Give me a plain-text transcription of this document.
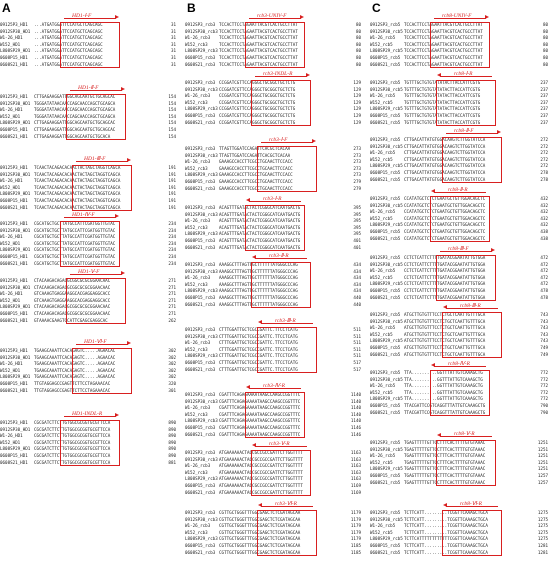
A
HD1-Ⅰ-F
09125P3_HD1 ...ATGATGGATTCCATGCTCAGCAGC	31
0912SP30_HD1 ...ATGATGGATTCCATGCTCAGCAGC	31
W1-26_HD1	...ATGATGGATTCCATGCTCAGCAGC	31
W152_HD1	...ATGATGGATTCCATGCTCAGCAGC	31
L808SP29_HD1 ...ATGATGGATTCCATGCTCAGCAGC	31
0608P15_HD1 ...ATGATGGATTCCATGCTCAGCAGC	31
0608S21_HD1 ...ATGATGGATTCCATGCTCAGCAGC	31
HD1-Ⅱ-F
09125P3_HD1 CTTGAGAAGGATTGGCAGCAATGCTGCAGCAC	154
0912SP30_HD1 TGGGATATAACAACCAGCAACCAGCTGCAGCA	154
W1-26_HD1	TGGGATATAACAACCAGCAACCAGCTGCAGCA	154
W152_HD1	TGGGATATAACAACCAGCAACCAGCTGCAGCA	154
L808SP29_HD1 CTTGAGAAGGATTGGCAGCAATGCTGCAGCAC	154
0608P15_HD1 CTTGAGAAGGATTGGCAGCAATGCTGCAGCAC	154
0608S21_HD1 CTTGAGAAGGATTGGCAGCAATGCTGCACA	154
HD1-Ⅲ-F
09125P3_HD1 TCAACTACAGACACAACTACTAGCTAGGTCAGCA	191
0912SP30_HD1 TCAACTACAGACACAACTACTAGCTAGGTCAGCA	191
W1-26_HD1	TCAACTACAGACACAACTACTAGCTAGGTCAGCA	191
W152_HD1	TCAACTACAGACACAACTACTAGCTAGGTCAGCA	191
L808SP29_HD1 TCAACTACAGACACAACTACTAGCTAGGTCAGCA	191
0608P15_HD1 TCAACTACAGACACAACTACTAGCTAGGTCAGCA	191
0608S21_HD1 TCAACTACAGACACAACTACTAGCTAGGTCAGCA	191
HD1-Ⅳ-F
09125P3_HD1 CGCATGCTGCTTATGCCATTCGATGGTTGTAC	234
0912SP30_HD1 CGCATGCTGCTTATGCCATTCGATGGTTGTAC	234
W1-26_HD1	CGCATGCTGCTTATGCCATTCGATGGTTGTAC	234
W152_HD1	CGCATGCTGCTTATGCCATTCGATGGTTGTAC	234
L808SP29_HD1 CGCATGCTGCTTATGCCATTCGATGGTTGTAC	234
0608P15_HD1 CGCATGCTGCTTATGCCATTCGATGGTTGTAC	234
0608S21_HD1 CGCATGCTGCTTATGCCATTCGATGGTTGTAC	234
HD1-Ⅴ-F
09125P3_HD1 CTACAAGACAGACGCGGCGCGCGGAACAAC	271
0912SP30_HD1 CTACAAGACAGACGCGGCGCGCGGAACAAC	271
W1-26_HD1	GTCAAAGTGAGGAAGGCACGAGGAGGCACC	271
W152_HD1	GTCAAAGTGAGGAAGGCACGAGGAGGCACC	271
L808SP29_HD1 CTACAAGACAGACGCGGCGCGCGGAACAAC	271
0608P15_HD1 CTACAAGACAGACGCGGCGCGCGGAACAAC	271
0608S21_HD1 GTAAAACGAAGTGCATTCGAGCGAGGCAC	262
HD1-Ⅵ-F
09125P3_HD1 TGAAGCAAATTCACAGAGTC.....AGAACAC	302
0912SP30_HD1 TGAAGCAAATTCACAGAGTC.....AGAACAC	302
W1-26_HD1	TGAAGCAAATTCACAGAGTC.....AGAACAC	302
W152_HD1	TGAAGCAAATTCACAGAGTC.....AGAACAC	302
L808SP29_HD1 TGAAGCAAATTCACAGAGTC.....AGAACAC	302
0608P15_HD1 TTGTAGGAGCCGAGTTCTTCCTAGAAACAC	320
0608S21_HD1 TTGTAGGAGCCGAGTTCTTCCTAGAAACAC	301
HD1-INDL-R
09125P3_HD1 CGCGATCTTCTTGTGGCGCGGTGCGTTCCA	890
0912SP30_HD1 CGCGATCTTCTTGTGGCGCGGTGCGTTCCA	890
W1-26_HD1	CGCGATCTTCTTGTGGCGCGGTGCGTTCCA	890
W152_HD1	CGCGATCTTCTTGTGGCGCGGTGCGTTCCA	890
L808SP29_HD1 CGCGATCTTCTTGTGGCGCGGTGCGTTCCA	890
0608P15_HD1 CGCGATCTTCTTGTGGCGCGGTGCGTTCCA	890
0608S21_HD1 CGCGATCTTCTTGTGGCGCGGTGCGTTCCA	881
B
rcb3-UNIV-F
0912SP3_rcb3 TCCACTTCCTAGAATTACGTCACTGCCTTAT	80
0912SP30_rcb3 TCCACTTCCTAGAATTACGTCACTGCCTTAT	80
W1-26_rcb3 TCCACTTCCTAGAATTACGTCACTGCCTTAT	80
W152_rcb3	TCCACTTCCTAGAATTACGTCACTGCCTTAT	80
L808SP29_rcb3 TCCACTTCCTAGAATTACGTCACTGCCTTAT	80
0608P15_rcb3 TCCACTTCCTAGAATTACGTCACTGCCTTAT	80
0608S21_rcb3 TCCACTTCCTAGAATTACGTCACTGCCTTAT	80
rcb3-INDL-R
0912SP3_rcb3 CCGGATCGTTCCAGGGCTGCGGCTGCTCTG	129
0912SP30_rcb3 CCGGATCGTTCCAGGGCTGCGGCTGCTCTG	129
W1-26_rcb3 CCGGATCGTTCCAGGGCTGCGGCTGCTCTG	129
W152_rcb3	CCGGATCGTTCCAGGGCTGCGGCTGCTCTG	129
L808SP29_rcb3 CCGGATCGTTCCAGGGCTGCGGCTGCTCTG	129
0608P15_rcb3 CCGGATCGTTCCAGGGCTGCGGCTGCTCTG	129
0608S21_rcb3 CCGGATCGTTCCAGGGCTGCGGCTGCTCTG	129
rcb3-Ⅰ-F
0912SP3_rcb3 TTAGTTGGATCCAGATTCACGCTCACAA	273
0912SP30_rcb3 TTAGTTGGATCCAGATTCACGCTCACAA	273
W1-26_rcb3 GAAAGCCACCTTCGCCTGCAACTTCCACC	273
W152_rcb3	GAAAGCCACCTTCGCCTGCAACTTCCACC	273
L808SP29_rcb3 GAAAGCCACCTTCGCCTGCAACTTCCACC	273
0608P15_rcb3 GAAAGCCACCTTCGCCTGCAACTTCCACC	279
0608S21_rcb3 GAAAGCCACCTTCGCCTGCAACTTCCACC	279
rcb3-Ⅰ-R
0912SP3_rcb3 ACAGTTTGATACTACTCGGGCATCAATGACTG	395
0912SP30_rcb3 ACAGTTTGATACTACTCGGGCATCAATGACTG	395
W1-26_rcb3 ACAGTTTGATACTACTCGGGCATCAATGACTG	395
W152_rcb3	ACAGTTTGATACTACTCGGGCATCAATGACTG	395
L808SP29_rcb3 ACAGTTTGATACTACTCGGGCATCAATGACTG	395
0608P15_rcb3 ACAGTTTGATACTACTCGGGCATCAATGACTG	401
0608S21_rcb3 ACAGTTTGATACTACTCGGGCATCAATGACTG	401
rcb3-Ⅱ-R
0912SP3_rcb3 AAAGGCTTTAGTTGCTTTTTTATGGGCCCAG	434
0912SP30_rcb3 AAAGGCTTTAGTTGCTTTTTTATGGGCCCAG	434
W1-26_rcb3 AAAGGCTTTAGTTGCTTTTTTATGGGCCCAG	434
W152_rcb3	AAAGGCTTTAGTTGCTTTTTTATGGGCCCAG	434
L808SP29_rcb3 AAAGGCTTTAGTTGCTTTTTTATGGGCCCAG	434
0608P15_rcb3 AAAGGCTTTAGTTGCTTTTTTATGGGCCCAG	440
0608S21_rcb3 AAAGGCTTTAGTTGCTTTTTTATGGGCCCAG	440
rcb3-Ⅲ-R
0912SP3_rcb3 CTTTGGATTGCTCGCCGATTC.TTCCTCATG	511
0912SP30_rcb3 CTTTGGATTGCTCGCCGATTC.TTCCTCATG	511
W1-26_rcb3 CTTTGGATTGCTCGCCGATTC.TTCCTCATG	511
W152_rcb3	CTTTGGATTGCTCGCCGATTC.TTCCTCATG	511
L808SP29_rcb3 CTTTGGATTGCTCGCCGATTC.TTCCTCATG	511
0608P15_rcb3 CTTTGGATTGCTCGCCGATTC.TTCCTCATG	517
0608S21_rcb3 CTTTGGATTGCTCGCCGATTC.TTCCTCATG	517
rcb3-Ⅳ-R
0912SP3_rcb3 CGATTTCAGAGAAAATAAGCCAAGCCGGTTTC	1140
0912SP30_rcb3 CGATTTCAGAGAAAATAAGCCAAGCCGGTTTC	1140
W1-26_rcb3 CGATTTCAGAGAAAATAAGCCAAGCCGGTTTC	1140
W152_rcb3	CGATTTCAGAGAAAATAAGCCAAGCCGGTTTC	1140
L808SP29_rcb3 CGATTTCAGAGAAAATAAGCCAAGCCGGTTTC	1140
0608P15_rcb3 CGATTTCAGAGAAAATAAGCCAAGCCGGTTTC	1146
0608S21_rcb3 CGATTTCAGAGAAAATAAGCCAAGCCGGTTTC	1146
rcb3-Ⅴ-R
0912SP3_rcb3 ATGAAAAAACTACCGCCGCCGATTCTTGGTTTT	1163
0912SP30_rcb3 ATGAAAAAACTACCGCCGCCGATTCTTGGTTTT	1163
W1-26_rcb3 ATGAAAAAACTACCGCCGCCGATTCTTGGTTTT	1163
W152_rcb3	ATGAAAAAACTACCGCCGCCGATTCTTGGTTTT	1163
L808SP29_rcb3 ATGAAAAAACTACCGCCGCCGATTCTTGGTTTT	1163
0608P15_rcb3 ATGAAAAAACTACCGCCGCCGATTCTTGGTTTT	1169
0608S21_rcb3 ATGAAAAAACTACCGCCGCCGATTCTTGGTTTT	1169
rcb3-Ⅵ-R
0912SP3_rcb3 CGTTGCTGGGTTTGGCGAGCTCTCGATAGCAA	1179
0912SP30_rcb3 CGTTGCTGGGTTTGGCGAGCTCTCGATAGCAA	1179
W1-26_rcb3 CGTTGCTGGGTTTGGCGAGCTCTCGATAGCAA	1179
W152_rcb3	CGTTGCTGGGTTTGGCGAGCTCTCGATAGCAA	1179
L808SP29_rcb3 CGTTGCTGGGTTTGGCGAGCTCTCGATAGCAA	1179
0608P15_rcb3 CGTTGCTGGGTTTGGCGAGCTCTCGATAGCAA	1185
0608S21_rcb3 CGTTGCTGGGTTTGGCGAGCTCTCGATAGCAA	1185
C
rcb8-UNIV-F
0912SP3_rcb5 TCCACTTCCTAGAATTACGTCACTGCCTTAT	80
0912SP30_rcb5 TCCACTTCCTAGAATTACGTCACTGCCTTAT	80
W1-26_rcb5 TCCACTTCCTAGAATTACGTCACTGCCTTAT	80
W152_rcb5	TCCACTTCCTAGAATTACGTCACTGCCTTAT	80
L808SP29_rcb5 TCCACTTCCTAGAATTACGTCACTGCCTTAT	80
0608P15_rcb5 TCCACTTCCTAGAATTACGTCACTGCCTTAT	80
0608S21_rcb5 TCCACTTCCTAGAATTACGTCACTGCCTTAT	80
rcb8-Ⅰ-R
0912SP3_rcb5 TGTTTGCTGTGTATATACTTACCATTCGTG	237
0912SP30_rcb5 TGTTTGCTGTGTATATACTTACCATTCGTG	237
W1-26_rcb5 TGTTTGCTGTGTATATACTTACCATTCGTG	237
W152_rcb5	TGTTTGCTGTGTATATACTTACCATTCGTG	237
L808SP29_rcb5 TGTTTGCTGTGTATATACTTACCATTCGTG	237
0608P15_rcb5 TGTTTGCTGTGTATATACTTACCATTCGTG	237
0608S21_rcb5 TGTTTGCTGTGTATATACTTACCATTCGTG	237
rcb8-Ⅱ-F
0912SP3_rcb5 CTTGACATTATGTGGACAAGTCTTGGTATCCA	272
0912SP30_rcb5 CTTGACATTATGTGGACAAGTCTTGGTATCCA	272
W1-26_rcb5 CTTGACATTATGTGGACAAGTCTTGGTATCCA	272
W152_rcb5	CTTGACATTATGTGGACAAGTCTTGGTATCCA	272
L808SP29_rcb5 CTTGACATTATGTGGACAAGTCTTGGTATCCA	272
0608P15_rcb5 CTTGACATTATGTGGACAAGTCTTGGTATCCA	278
0608S21_rcb5 CTTGACATTATGTGGACAAGTCTTGGTATCCA	278
rcb8-Ⅱ-R
0912SP3_rcb5 CCATATGCTCTCTGAATGCTGTTGGACAGCTC	432
0912SP30_rcb5 CCATATGCTCTCTGAATGCTGTTGGACAGCTC	432
W1-26_rcb5 CCATATGCTCTCTGAATGCTGTTGGACAGCTC	432
W152_rcb5	CCATATGCTCTCTGAATGCTGTTGGACAGCTC	432
L808SP29_rcb5 CCATATGCTCTCTGAATGCTGTTGGACAGCTC	432
0608P15_rcb5 CCATATGCTCTCTGAATGCTGTTGGACAGCTC	438
0608S21_rcb5 CCATATGCTCTCTGAATGCTGTTGGACAGCTC	438
rcb8-Ⅲ-F
0912SP3_rcb5 CCTCTCATTCTTTTGATACGGAATATTGTGGA	472
0912SP30_rcb5 CCTCTCATTCTTTTGATACGGAATATTGTGGA	472
W1-26_rcb5 CCTCTCATTCTTTTGATACGGAATATTGTGGA	472
W152_rcb5	CCTCTCATTCTTTTGATACGGAATATTGTGGA	472
L808SP29_rcb5 CCTCTCATTCTTTTGATACGGAATATTGTGGA	472
0608P15_rcb5 CCTCTCATTCTTTTGATACGGAATATTGTGGA	478
0608S21_rcb5 CCTCTCATTCTTTTGATACGGAATATTGTGGA	478
rcb8-Ⅲ-R
0912SP3_rcb5 ATGCTTGTGTTTCCTCTGCTCAATTGTTTGCA	743
0912SP30_rcb5 ATGCTTGTGTTTCCTCTGCTCAATTGTTTGCA	743
W1-26_rcb5 ATGCTTGTGTTTCCTCTGCTCAATTGTTTGCA	743
W152_rcb5	ATGCTTGTGTTTCCTCTGCTCAATTGTTTGCA	743
L808SP29_rcb5 ATGCTTGTGTTTCCTCTGCTCAATTGTTTGCA	743
0608P15_rcb5 ATGCTTGTGTTTCCTCTGCTCAATTGTTTGCA	749
0608S21_rcb5 ATGCTTGTGTTTCCTCTGCTCAATTGTTTGCA	749
rcb8-Ⅳ-R
0912SP3_rcb5 TTA..........GGTTTATTGTCAAAGCTG	772
0912SP30_rcb5 TTA..........GGTTTATTGTCAAAGCTG	772
W1-26_rcb5 TTA..........GGTTTATTGTCAAAGCTG	772
W152_rcb5	TTA..........GGTTTATTGTCAAAGCTG	772
L808SP29_rcb5 TTA..........GGTTTATTGTCAAAGCTG	772
0608P15_rcb5 TTACGATTCCGTCAGGTTTATTGTCAAAGCTG	790
0608S21_rcb5 TTACGATTCCGTCAGGTTTATTGTCAAAGCTG	790
rcb8-Ⅴ-R
0912SP3_rcb5 TGAGTTTTTGTTGCTTTCACTTTTGTGTAAAC	1251
0912SP30_rcb5 TGAGTTTTTGTTGCTTTCACTTTTGTGTAAAC	1251
W1-26_rcb5 TGAGTTTTTGTTGCTTTCACTTTTGTGTAAAC	1251
W152_rcb5	TGAGTTTTTGTTGCTTTCACTTTTGTGTAAAC	1251
L808SP29_rcb5 TGAGTTTTTGTTGCTTTCACTTTTGTGTAAAC	1251
0608P15_rcb5 TGAGTTTTTGTTGCTTTCACTTTTGTGTAAAC	1257
0608S21_rcb5 TGAGTTTTTGTTGCTTTCACTTTTGTGTAAAC	1257
rcb8-Ⅵ-R
0912SP3_rcb5 TCTTCATT.........TCGGTTCAAAGCTGCA	1275
0912SP30_rcb5 TCTTCATT.........TCGGTTCAAAGCTGCA	1275
W1-26_rcb5 TCTTCATT.........TCGGTTCAAAGCTGCA	1275
W152_rcb5	TCTTCATT.........TCGGTTCAAAGCTGCA	1275
L808SP29_rcb5 TCTTCATTTTTTTTTTTTCGGTTCAAAGCTGCA	1275
0608P15_rcb5 TCTTCATT.........TCGGTTCAAAGCTGCA	1281
0608S21_rcb5 TCTTCATT.........TCGGTTCAAAGCTGCA	1281
